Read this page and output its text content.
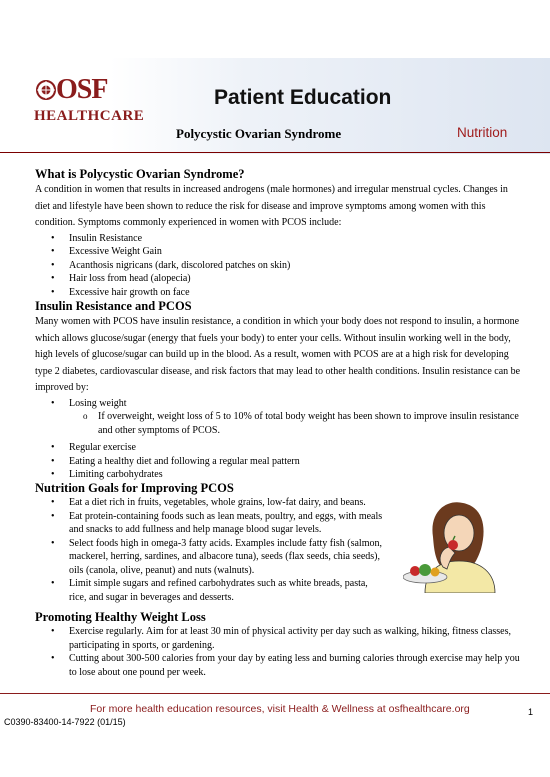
OSF
HEALTHCARE
Patient Education
Polycystic Ovarian Syndrome	Nutrition
What is Polycystic Ovarian Syndrome?

A condition in women that results in increased androgens (male hormones) and irregular menstrual cycles. Changes in diet and lifestyle have been shown to reduce the risk for disease and improve symptoms among women with this condition. Symptoms commonly experienced in women with PCOS include:

• Insulin Resistance
• Excessive Weight Gain
• Acanthosis nigricans (dark, discolored patches on skin)
• Hair loss from head (alopecia)
• Excessive hair growth on face
Insulin Resistance and PCOS

Many women with PCOS have insulin resistance, a condition in which your body does not respond to insulin, a hormone which allows glucose/sugar (energy that fuels your body) to enter your cells. Without insulin working well in the body, high levels of glucose/sugar can build up in the blood. As a result, women with PCOS are at a high risk for developing type 2 diabetes, cardiovascular disease, and risk factors that may lead to other health conditions. Insulin resistance can be improved by:

• Losing weight
o If overweight, weight loss of 5 to 10% of total body weight has been shown to improve insulin resistance and other symptoms of PCOS.
• Regular exercise
• Eating a healthy diet and following a regular meal pattern
• Limiting carbohydrates
Nutrition Goals for Improving PCOS
• Eat a diet rich in fruits, vegetables, whole grains, low-fat dairy, and beans.
• Eat protein-containing foods such as lean meats, poultry, and eggs, with meals and snacks to add fullness and help manage blood sugar levels.
• Select foods high in omega-3 fatty acids. Examples include fatty fish (salmon, mackerel, herring, sardines, and albacore tuna), seeds (flax seeds, chia seeds), oils (canola, olive, peanut) and nuts (walnuts).
• Limit simple sugars and refined carbohydrates such as white breads, pasta, rice, and sugar in beverages and desserts.
Promoting Healthy Weight Loss
• Exercise regularly. Aim for at least 30 min of physical activity per day such as walking, hiking, fitness classes, participating in sports, or gardening.
• Cutting about 300-500 calories from your day by eating less and burning calories through exercise may help you to lose about one pound per week.
For more health education resources, visit Health & Wellness at osfhealthcare.org	1
C0390-83400-14-7922 (01/15)
